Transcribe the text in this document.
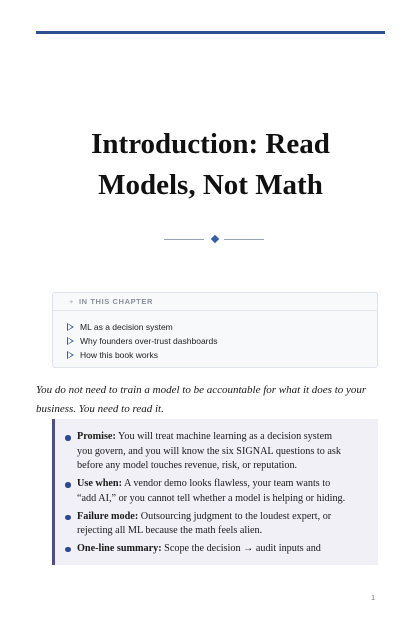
Introduction: Read
Models, Not Math
+ IN THIS CHAPTER
ML as a decision system
Why founders over-trust dashboards
How this book works

You do not need to train a model to be accountable for what it does to your
business. You need to read it.

Promise: You will treat machine learning as a decision system
you govern, and you will know the six SIGNAL questions to ask
before any model touches revenue, risk, or reputation.
Use when: A vendor demo looks flawless, your team wants to
“add AI,” or you cannot tell whether a model is helping or hiding.
Failure mode: Outsourcing judgment to the loudest expert, or
rejecting all ML because the math feels alien.
One-line summary: Scope the decision → audit inputs and
1
